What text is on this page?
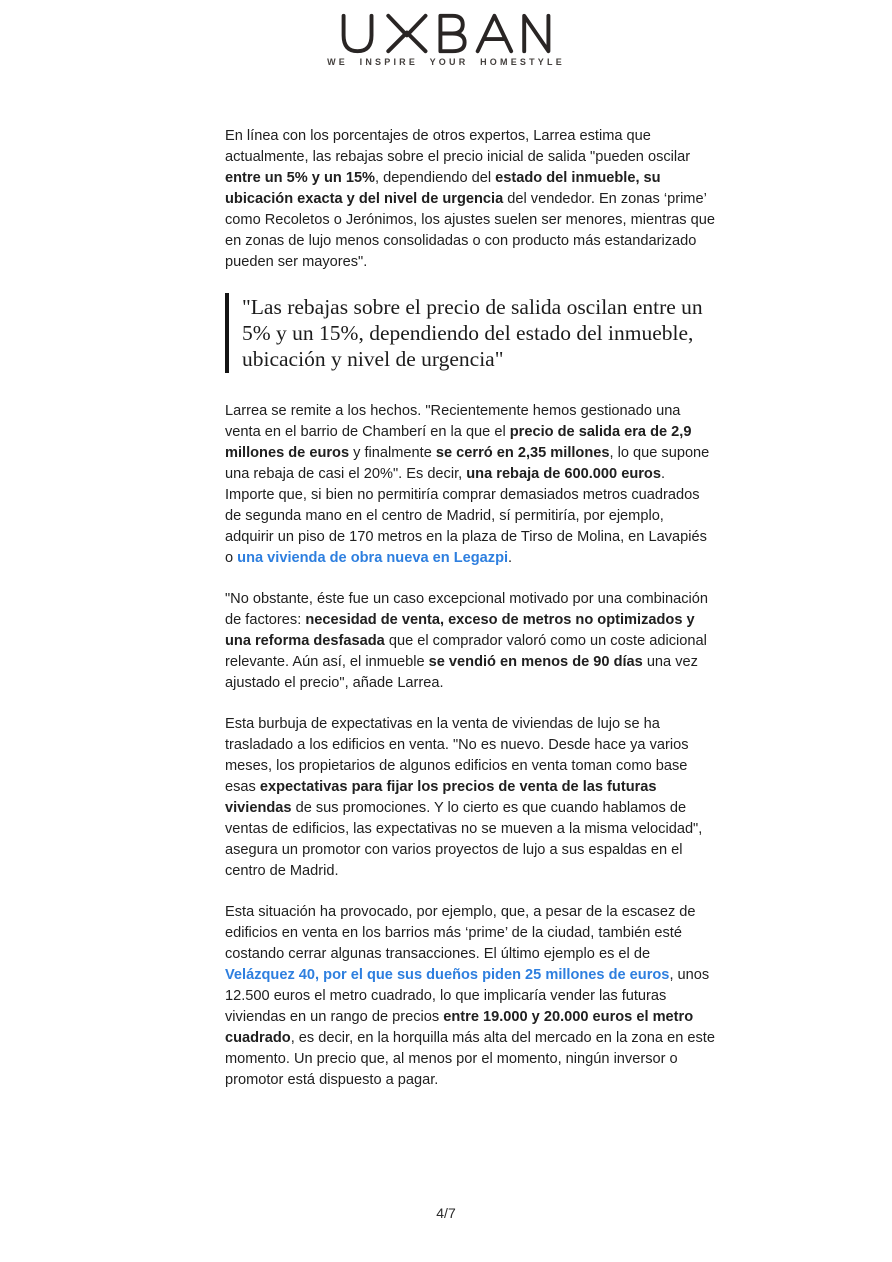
WE INSPIRE YOUR HOMESTYLE

En línea con los porcentajes de otros expertos, Larrea estima que actualmente, las rebajas sobre el precio inicial de salida "pueden oscilar entre un 5% y un 15%, dependiendo del estado del inmueble, su ubicación exacta y del nivel de urgencia del vendedor. En zonas ‘prime’ como Recoletos o Jerónimos, los ajustes suelen ser menores, mientras que en zonas de lujo menos consolidadas o con producto más estandarizado pueden ser mayores".

"Las rebajas sobre el precio de salida oscilan entre un 5% y un 15%, dependiendo del estado del inmueble, ubicación y nivel de urgencia"

Larrea se remite a los hechos. "Recientemente hemos gestionado una venta en el barrio de Chamberí en la que el precio de salida era de 2,9 millones de euros y finalmente se cerró en 2,35 millones, lo que supone una rebaja de casi el 20%". Es decir, una rebaja de 600.000 euros. Importe que, si bien no permitiría comprar demasiados metros cuadrados de segunda mano en el centro de Madrid, sí permitiría, por ejemplo, adquirir un piso de 170 metros en la plaza de Tirso de Molina, en Lavapiés o una vivienda de obra nueva en Legazpi.

"No obstante, éste fue un caso excepcional motivado por una combinación de factores: necesidad de venta, exceso de metros no optimizados y una reforma desfasada que el comprador valoró como un coste adicional relevante. Aún así, el inmueble se vendió en menos de 90 días una vez ajustado el precio", añade Larrea.

Esta burbuja de expectativas en la venta de viviendas de lujo se ha trasladado a los edificios en venta. "No es nuevo. Desde hace ya varios meses, los propietarios de algunos edificios en venta toman como base esas expectativas para fijar los precios de venta de las futuras viviendas de sus promociones. Y lo cierto es que cuando hablamos de ventas de edificios, las expectativas no se mueven a la misma velocidad", asegura un promotor con varios proyectos de lujo a sus espaldas en el centro de Madrid.

Esta situación ha provocado, por ejemplo, que, a pesar de la escasez de edificios en venta en los barrios más ‘prime’ de la ciudad, también esté costando cerrar algunas transacciones. El último ejemplo es el de Velázquez 40, por el que sus dueños piden 25 millones de euros, unos 12.500 euros el metro cuadrado, lo que implicaría vender las futuras viviendas en un rango de precios entre 19.000 y 20.000 euros el metro cuadrado, es decir, en la horquilla más alta del mercado en la zona en este momento. Un precio que, al menos por el momento, ningún inversor o promotor está dispuesto a pagar.

4/7
